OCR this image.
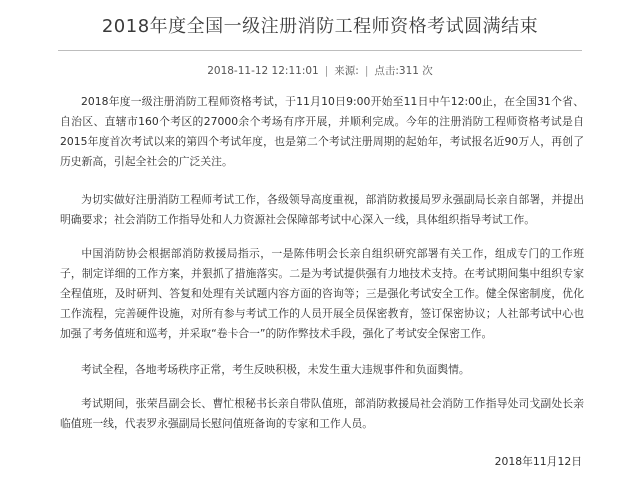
2018年度全国一级注册消防工程师资格考试圆满结束
2018-11-12 12:11:01 | 来源: | 点击:311 次

2018年度一级注册消防工程师资格考试，于11月10日9:00开始至11日中午12:00止，在全国31个省、自治区、直辖市160个考区的27000余个考场有序开展，并顺利完成。今年的注册消防工程师资格考试是自2015年度首次考试以来的第四个考试年度，也是第二个考试注册周期的起始年，考试报名近90万人，再创了历史新高，引起全社会的广泛关注。

为切实做好注册消防工程师考试工作，各级领导高度重视，部消防救援局罗永强副局长亲自部署，并提出明确要求；社会消防工作指导处和人力资源社会保障部考试中心深入一线，具体组织指导考试工作。

中国消防协会根据部消防救援局指示，一是陈伟明会长亲自组织研究部署有关工作，组成专门的工作班子，制定详细的工作方案，并狠抓了措施落实。二是为考试提供强有力地技术支持。在考试期间集中组织专家全程值班，及时研判、答复和处理有关试题内容方面的咨询等；三是强化考试安全工作。健全保密制度，优化工作流程，完善硬件设施，对所有参与考试工作的人员开展全员保密教育，签订保密协议；人社部考试中心也加强了考务值班和巡考，并采取“卷卡合一”的防作弊技术手段，强化了考试安全保密工作。

考试全程，各地考场秩序正常，考生反映积极，未发生重大违规事件和负面舆情。

考试期间，张荣昌副会长、曹忙根秘书长亲自带队值班，部消防救援局社会消防工作指导处司戈副处长亲临值班一线，代表罗永强副局长慰问值班备询的专家和工作人员。

2018年11月12日
